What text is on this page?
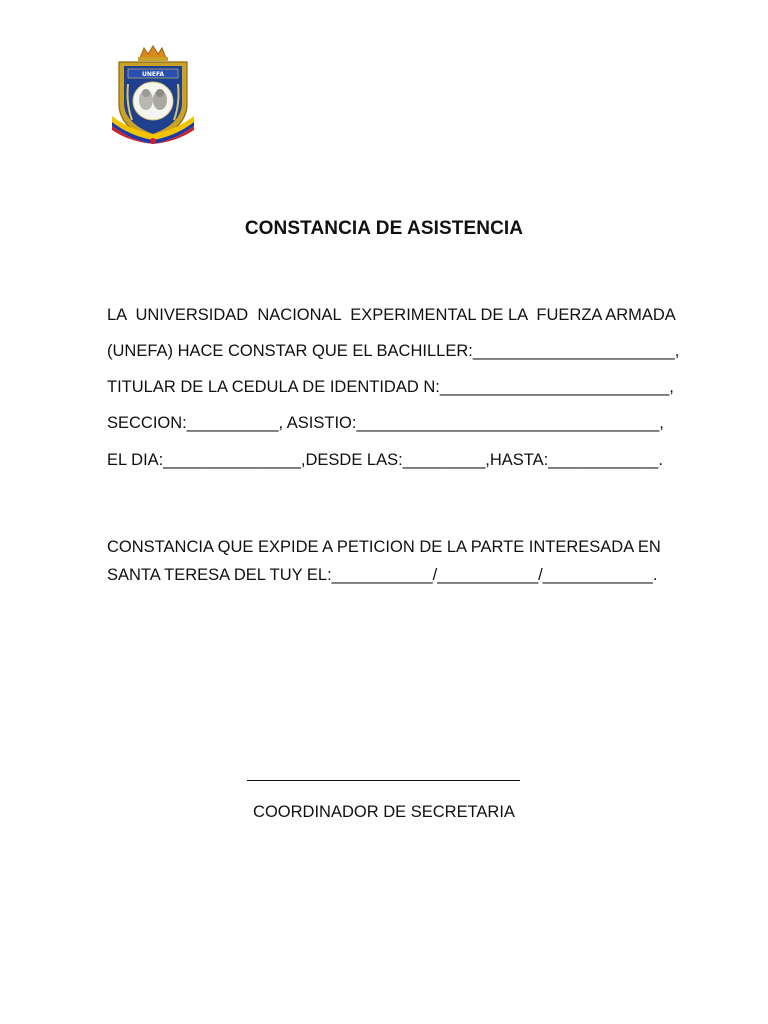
UNEFA
CONSTANCIA DE ASISTENCIA
LA  UNIVERSIDAD  NACIONAL  EXPERIMENTAL DE LA  FUERZA ARMADA
(UNEFA) HACE CONSTAR QUE EL BACHILLER:______________________,
TITULAR DE LA CEDULA DE IDENTIDAD N:_________________________,
SECCION:__________, ASISTIO:_________________________________,
EL DIA:_______________,DESDE LAS:_________,HASTA:____________.
CONSTANCIA QUE EXPIDE A PETICION DE LA PARTE INTERESADA EN
SANTA TERESA DEL TUY EL:___________/___________/____________.
COORDINADOR DE SECRETARIA
